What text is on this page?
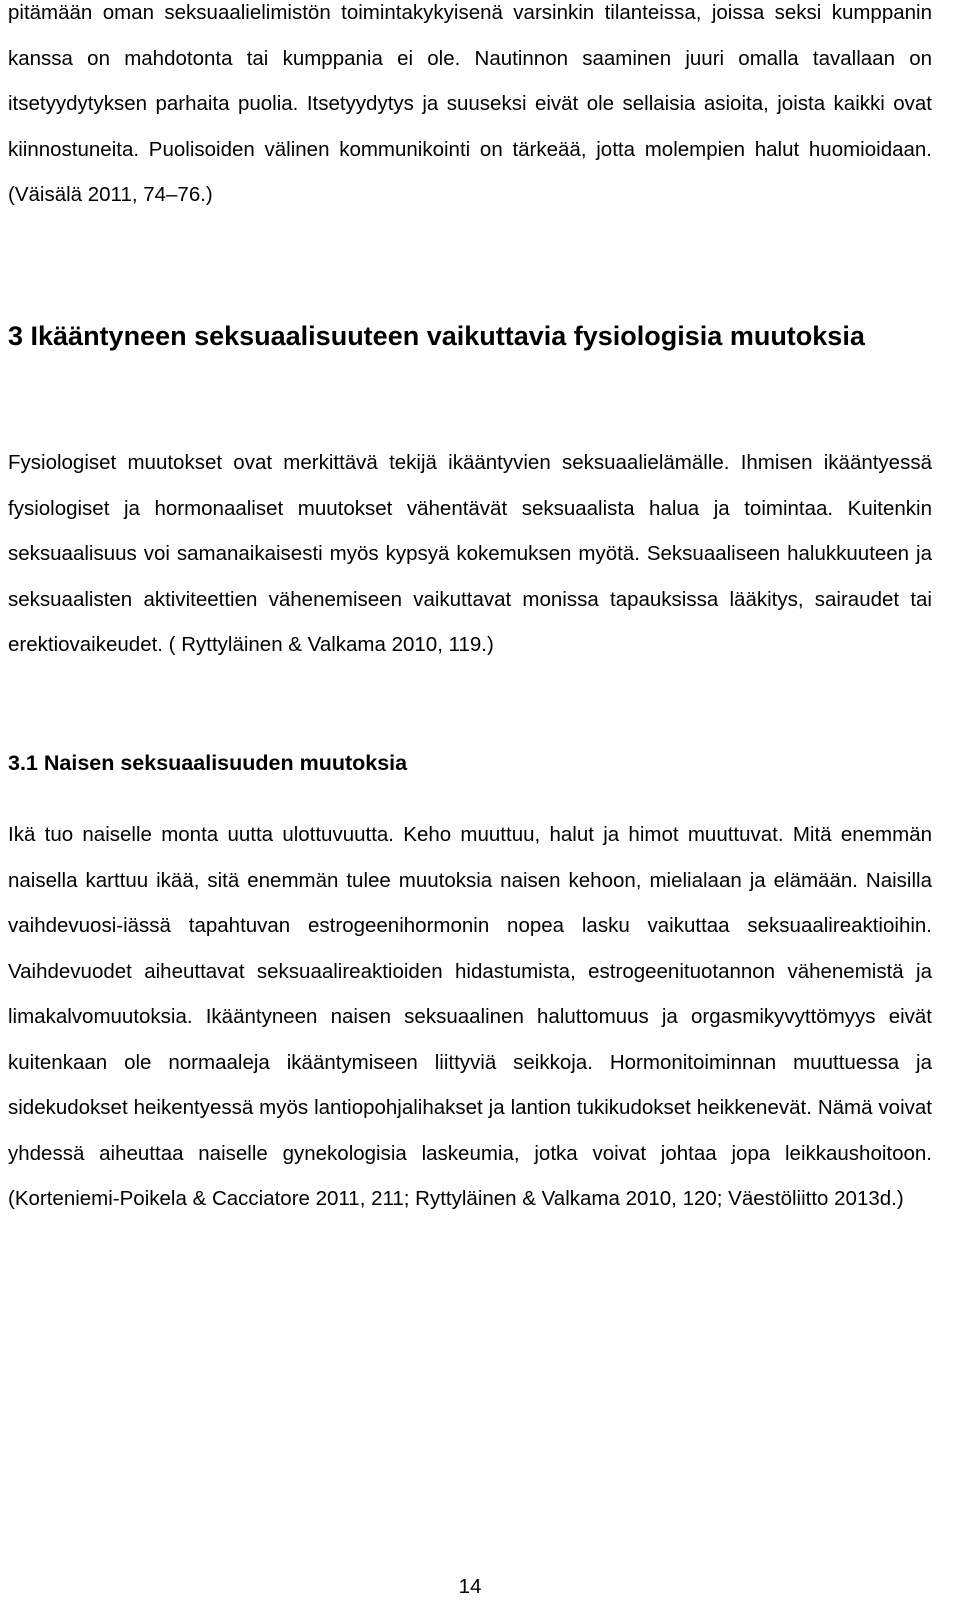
pitämään oman seksuaalielimistön toimintakykyisenä varsinkin tilanteissa, joissa seksi kumppanin kanssa on mahdotonta tai kumppania ei ole. Nautinnon saaminen juuri omalla tavallaan on itsetyydytyksen parhaita puolia. Itsetyydytys ja suuseksi eivät ole sellaisia asioita, joista kaikki ovat kiinnostuneita. Puolisoiden välinen kommunikointi on tärkeää, jotta molempien halut huomioidaan. (Väisälä 2011, 74–76.)

3 Ikääntyneen seksuaalisuuteen vaikuttavia fysiologisia muutoksia

Fysiologiset muutokset ovat merkittävä tekijä ikääntyvien seksuaalielämälle. Ihmisen ikääntyessä fysiologiset ja hormonaaliset muutokset vähentävät seksuaalista halua ja toimintaa. Kuitenkin seksuaalisuus voi samanaikaisesti myös kypsyä kokemuksen myötä. Seksuaaliseen halukkuuteen ja seksuaalisten aktiviteettien vähenemiseen vaikuttavat monissa tapauksissa lääkitys, sairaudet tai erektiovaikeudet. ( Ryttyläinen & Valkama 2010, 119.)

3.1 Naisen seksuaalisuuden muutoksia

Ikä tuo naiselle monta uutta ulottuvuutta. Keho muuttuu, halut ja himot muuttuvat. Mitä enemmän naisella karttuu ikää, sitä enemmän tulee muutoksia naisen kehoon, mielialaan ja elämään. Naisilla vaihdevuosi-iässä tapahtuvan estrogeenihormonin nopea lasku vaikuttaa seksuaalireaktioihin. Vaihdevuodet aiheuttavat seksuaalireaktioiden hidastumista, estrogeenituotannon vähenemistä ja limakalvomuutoksia. Ikääntyneen naisen seksuaalinen haluttomuus ja orgasmikyvyttömyys eivät kuitenkaan ole normaaleja ikääntymiseen liittyviä seikkoja. Hormonitoiminnan muuttuessa ja sidekudokset heikentyessä myös lantiopohjalihakset ja lantion tukikudokset heikkenevät. Nämä voivat yhdessä aiheuttaa naiselle gynekologisia laskeumia, jotka voivat johtaa jopa leikkaushoitoon. (Korteniemi-Poikela & Cacciatore 2011, 211; Ryttyläinen & Valkama 2010, 120; Väestöliitto 2013d.)

14
